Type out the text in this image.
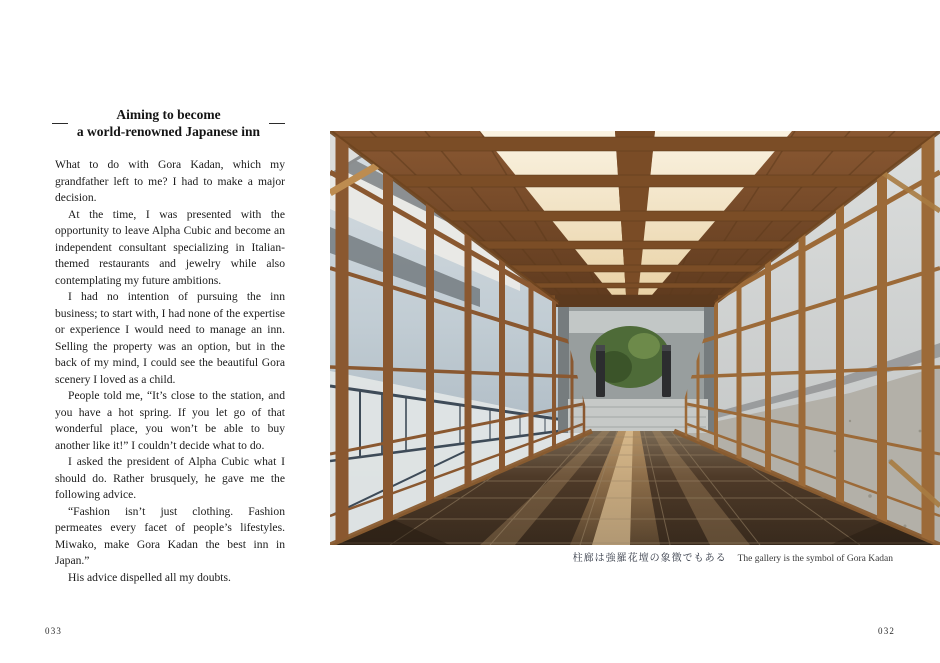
Aiming to become
a world-renowned Japanese inn

What to do with Gora Kadan, which my grandfather left to me? I had to make a major decision.

At the time, I was presented with the opportunity to leave Alpha Cubic and become an independent consultant specializing in Italian-themed restaurants and jewelry while also contemplating my future ambitions.

I had no intention of pursuing the inn business; to start with, I had none of the expertise or experience I would need to manage an inn. Selling the property was an option, but in the back of my mind, I could see the beautiful Gora scenery I loved as a child.

People told me, “It’s close to the station, and you have a hot spring. If you let go of that wonderful place, you won’t be able to buy another like it!” I couldn’t decide what to do.

I asked the president of Alpha Cubic what I should do. Rather brusquely, he gave me the following advice.

“Fashion isn’t just clothing. Fashion permeates every facet of people’s lifestyles. Miwako, make Gora Kadan the best inn in Japan.”

His advice dispelled all my doubts.

033
柱廊は強羅花壇の象徴でもある The gallery is the symbol of Gora Kadan
032
